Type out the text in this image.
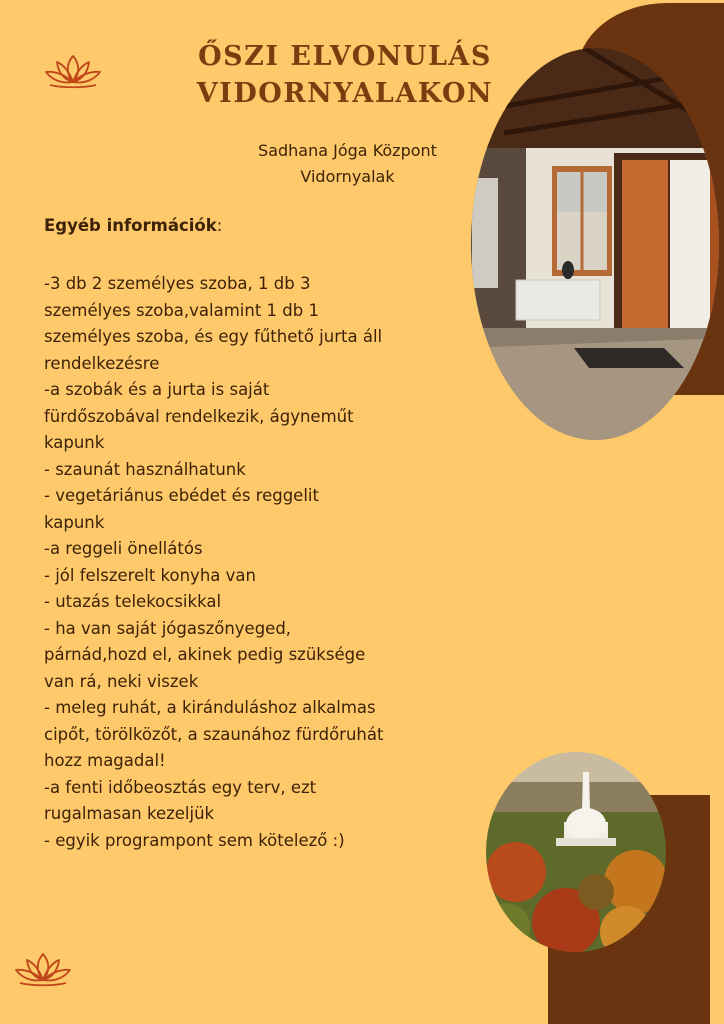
ŐSZI ELVONULÁS
VIDORNYALAKON
Sadhana Jóga Központ
Vidornyalak
Egyéb információk:
-3 db 2 személyes szoba, 1 db 3
személyes szoba,valamint 1 db 1
személyes szoba, és egy fűthető jurta áll
rendelkezésre
-a szobák és a jurta is saját
fürdőszobával rendelkezik, ágyneműt
kapunk
- szaunát használhatunk
- vegetáriánus ebédet és reggelit
kapunk
-a reggeli önellátós
- jól felszerelt konyha van
- utazás telekocsikkal
- ha van saját jógaszőnyeged,
párnád,hozd el, akinek pedig szüksége
van rá, neki viszek
- meleg ruhát, a kiránduláshoz alkalmas
cipőt, törölközőt, a szaunához fürdőruhát
hozz magadal!
-a fenti időbeosztás egy terv, ezt
rugalmasan kezeljük
- egyik programpont sem kötelező :)
